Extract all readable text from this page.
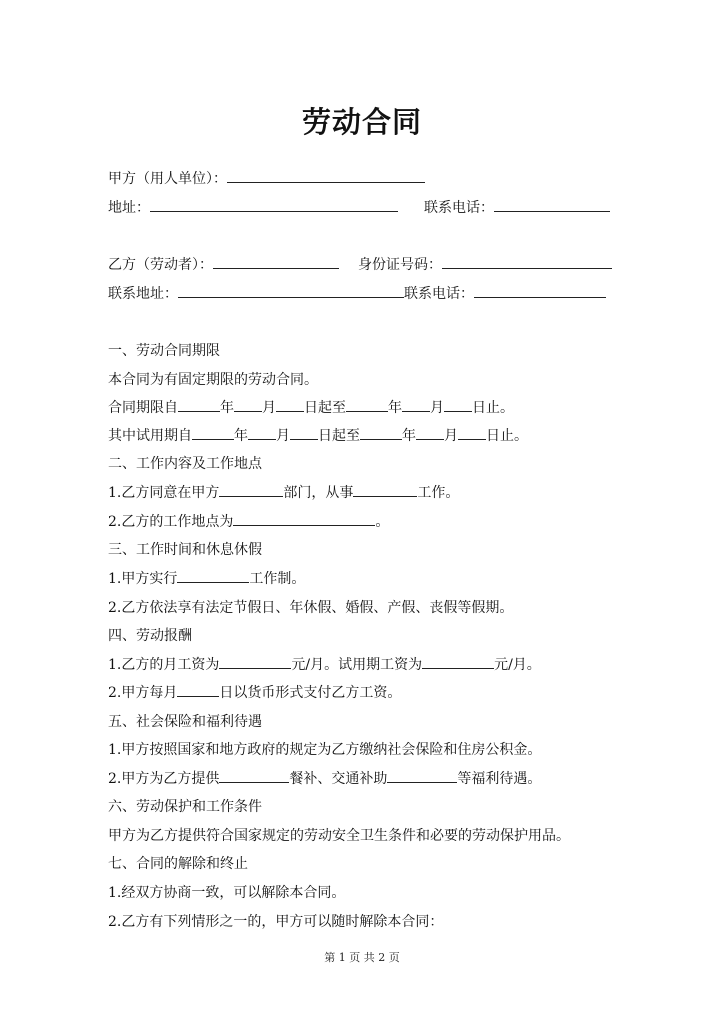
劳动合同
甲方（用人单位）：
地址：	联系电话：
乙方（劳动者）：	身份证号码：
联系地址：	联系电话：
一、劳动合同期限
本合同为有固定期限的劳动合同。
合同期限自	年 月 日起至	年 月 日止。
其中试用期自	年 月 日起至	年 月 日止。
二、工作内容及工作地点
1.乙方同意在甲方	部门，从事	工作。
2.乙方的工作地点为	。
三、工作时间和休息休假
1.甲方实行	工作制。
2.乙方依法享有法定节假日、年休假、婚假、产假、丧假等假期。
四、劳动报酬
1.乙方的月工资为	元/月。试用期工资为	元/月。
2.甲方每月	日以货币形式支付乙方工资。
五、社会保险和福利待遇
1.甲方按照国家和地方政府的规定为乙方缴纳社会保险和住房公积金。
2.甲方为乙方提供	餐补、交通补助	等福利待遇。
六、劳动保护和工作条件
甲方为乙方提供符合国家规定的劳动安全卫生条件和必要的劳动保护用品。
七、合同的解除和终止
1.经双方协商一致，可以解除本合同。
2.乙方有下列情形之一的，甲方可以随时解除本合同：
第 1 页 共 2 页
